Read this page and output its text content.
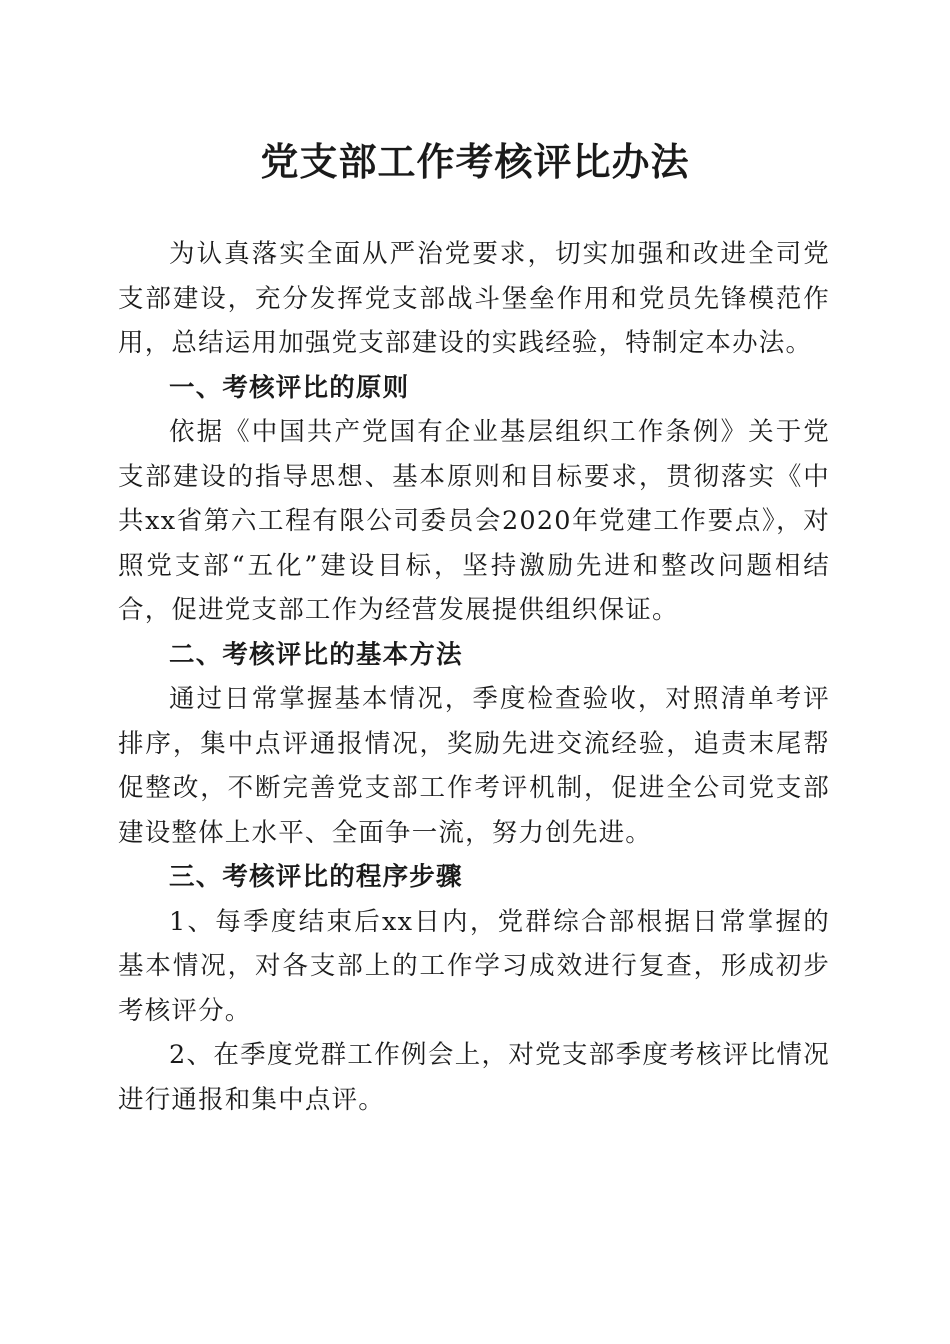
党支部工作考核评比办法

为认真落实全面从严治党要求，切实加强和改进全司党支部建设，充分发挥党支部战斗堡垒作用和党员先锋模范作用，总结运用加强党支部建设的实践经验，特制定本办法。

一、考核评比的原则

依据《中国共产党国有企业基层组织工作条例》关于党支部建设的指导思想、基本原则和目标要求，贯彻落实《中共xx省第六工程有限公司委员会2020年党建工作要点》，对照党支部“五化”建设目标，坚持激励先进和整改问题相结合，促进党支部工作为经营发展提供组织保证。

二、考核评比的基本方法

通过日常掌握基本情况，季度检查验收，对照清单考评排序，集中点评通报情况，奖励先进交流经验，追责末尾帮促整改，不断完善党支部工作考评机制，促进全公司党支部建设整体上水平、全面争一流，努力创先进。

三、考核评比的程序步骤

1、每季度结束后xx日内，党群综合部根据日常掌握的基本情况，对各支部上的工作学习成效进行复查，形成初步考核评分。

2、在季度党群工作例会上，对党支部季度考核评比情况进行通报和集中点评。
